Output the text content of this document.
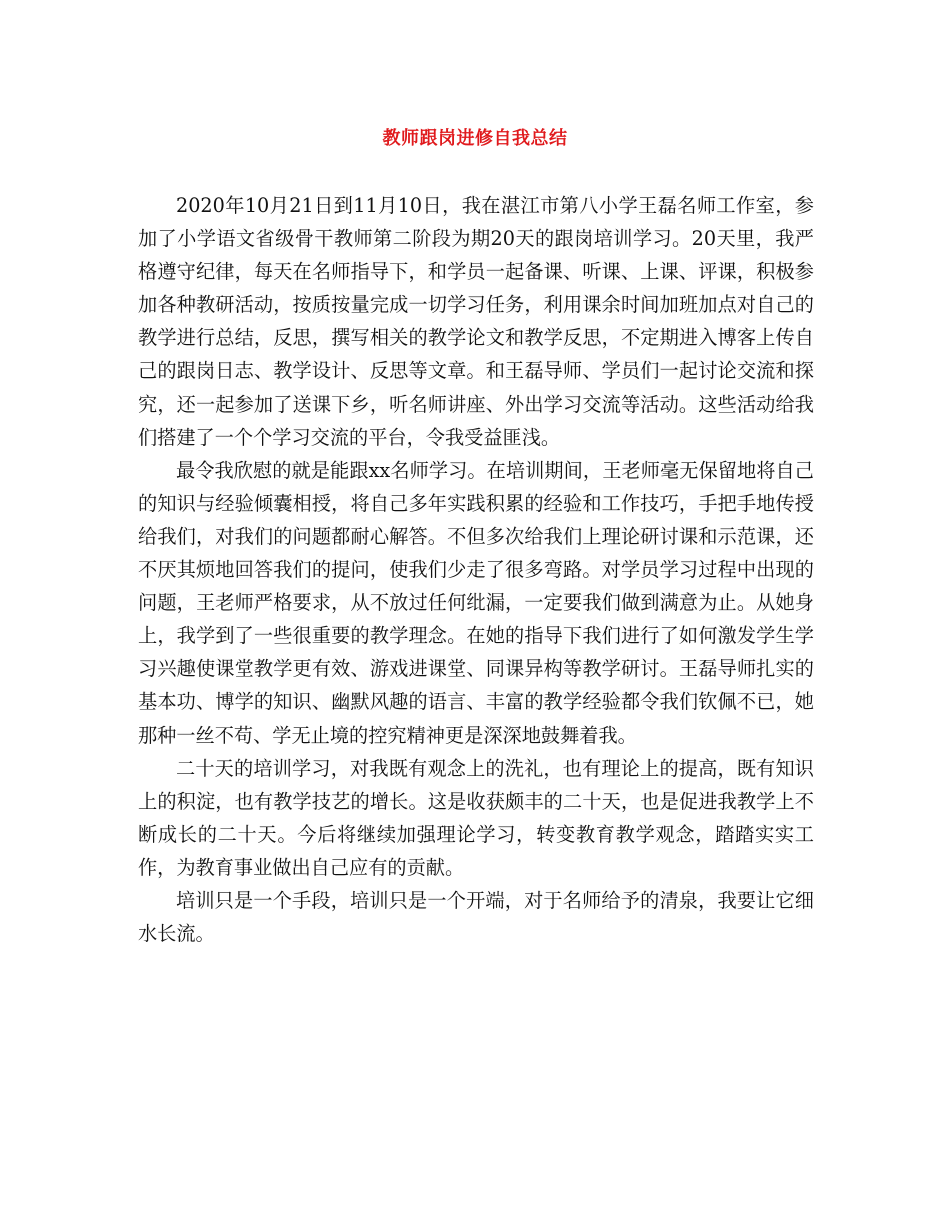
教师跟岗进修自我总结

2020年10月21日到11月10日，我在湛江市第八小学王磊名师工作室，参加了小学语文省级骨干教师第二阶段为期20天的跟岗培训学习。20天里，我严格遵守纪律，每天在名师指导下，和学员一起备课、听课、上课、评课，积极参加各种教研活动，按质按量完成一切学习任务，利用课余时间加班加点对自己的教学进行总结，反思，撰写相关的教学论文和教学反思，不定期进入博客上传自己的跟岗日志、教学设计、反思等文章。和王磊导师、学员们一起讨论交流和探究，还一起参加了送课下乡，听名师讲座、外出学习交流等活动。这些活动给我们搭建了一个个学习交流的平台，令我受益匪浅。

最令我欣慰的就是能跟xx名师学习。在培训期间，王老师毫无保留地将自己的知识与经验倾囊相授，将自己多年实践积累的经验和工作技巧，手把手地传授给我们，对我们的问题都耐心解答。不但多次给我们上理论研讨课和示范课，还不厌其烦地回答我们的提问，使我们少走了很多弯路。对学员学习过程中出现的问题，王老师严格要求，从不放过任何纰漏，一定要我们做到满意为止。从她身上，我学到了一些很重要的教学理念。在她的指导下我们进行了如何激发学生学习兴趣使课堂教学更有效、游戏进课堂、同课异构等教学研讨。王磊导师扎实的基本功、博学的知识、幽默风趣的语言、丰富的教学经验都令我们钦佩不已，她那种一丝不苟、学无止境的控究精神更是深深地鼓舞着我。

二十天的培训学习，对我既有观念上的洗礼，也有理论上的提高，既有知识上的积淀，也有教学技艺的增长。这是收获颇丰的二十天，也是促进我教学上不断成长的二十天。今后将继续加强理论学习，转变教育教学观念，踏踏实实工作，为教育事业做出自己应有的贡献。

培训只是一个手段，培训只是一个开端，对于名师给予的清泉，我要让它细水长流。
